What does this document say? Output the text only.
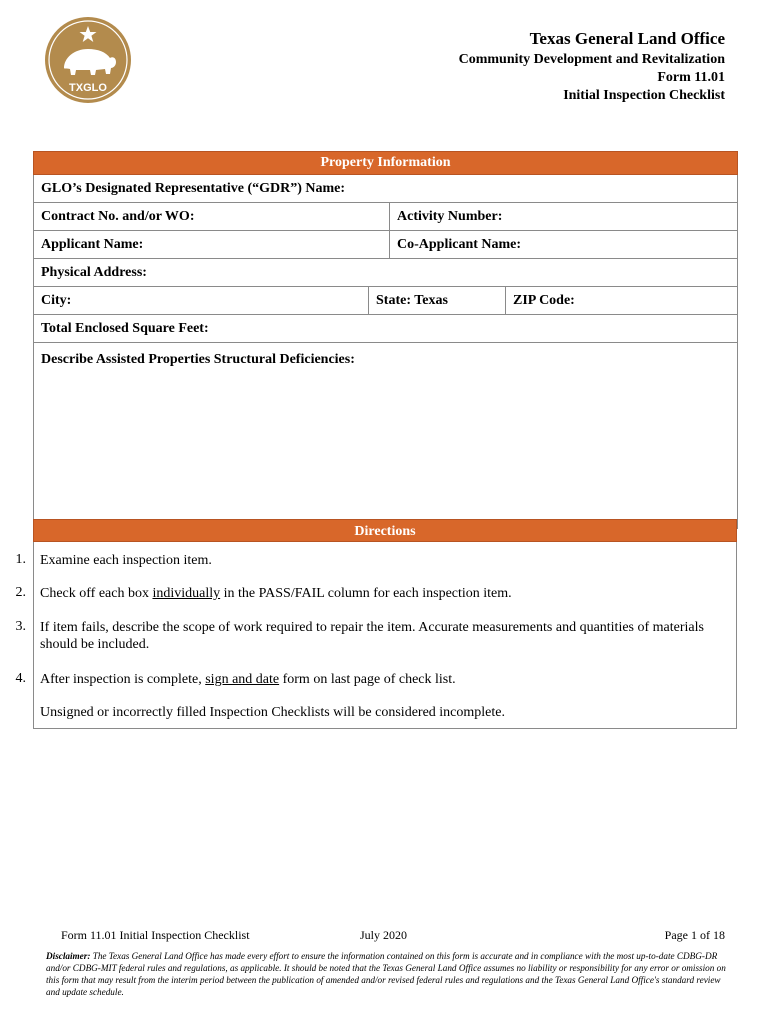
TXGLO
Texas General Land Office
Community Development and Revitalization
Form 11.01
Initial Inspection Checklist
Property Information			
GLO’s Designated Representative (“GDR”) Name:			
Contract No. and/or WO:		Activity Number:	
Applicant Name:		Co-Applicant Name:	
Physical Address:			
City:	State: Texas		ZIP Code:
Total Enclosed Square Feet:			
Describe Assisted Properties Structural Deficiencies:			
Directions
1. Examine each inspection item.
2. Check off each box individually in the PASS/FAIL column for each inspection item.
3. If item fails, describe the scope of work required to repair the item. Accurate measurements and quantities of materials should be included.
4. After inspection is complete, sign and date form on last page of check list.
Unsigned or incorrectly filled Inspection Checklists will be considered incomplete.
Form 11.01 Initial Inspection Checklist	July 2020	Page 1 of 18
Disclaimer: The Texas General Land Office has made every effort to ensure the information contained on this form is accurate and in compliance with the most up-to-date CDBG-DR and/or CDBG-MIT federal rules and regulations, as applicable. It should be noted that the Texas General Land Office assumes no liability or responsibility for any error or omission on this form that may result from the interim period between the publication of amended and/or revised federal rules and regulations and the Texas General Land Office's standard review and update schedule.
